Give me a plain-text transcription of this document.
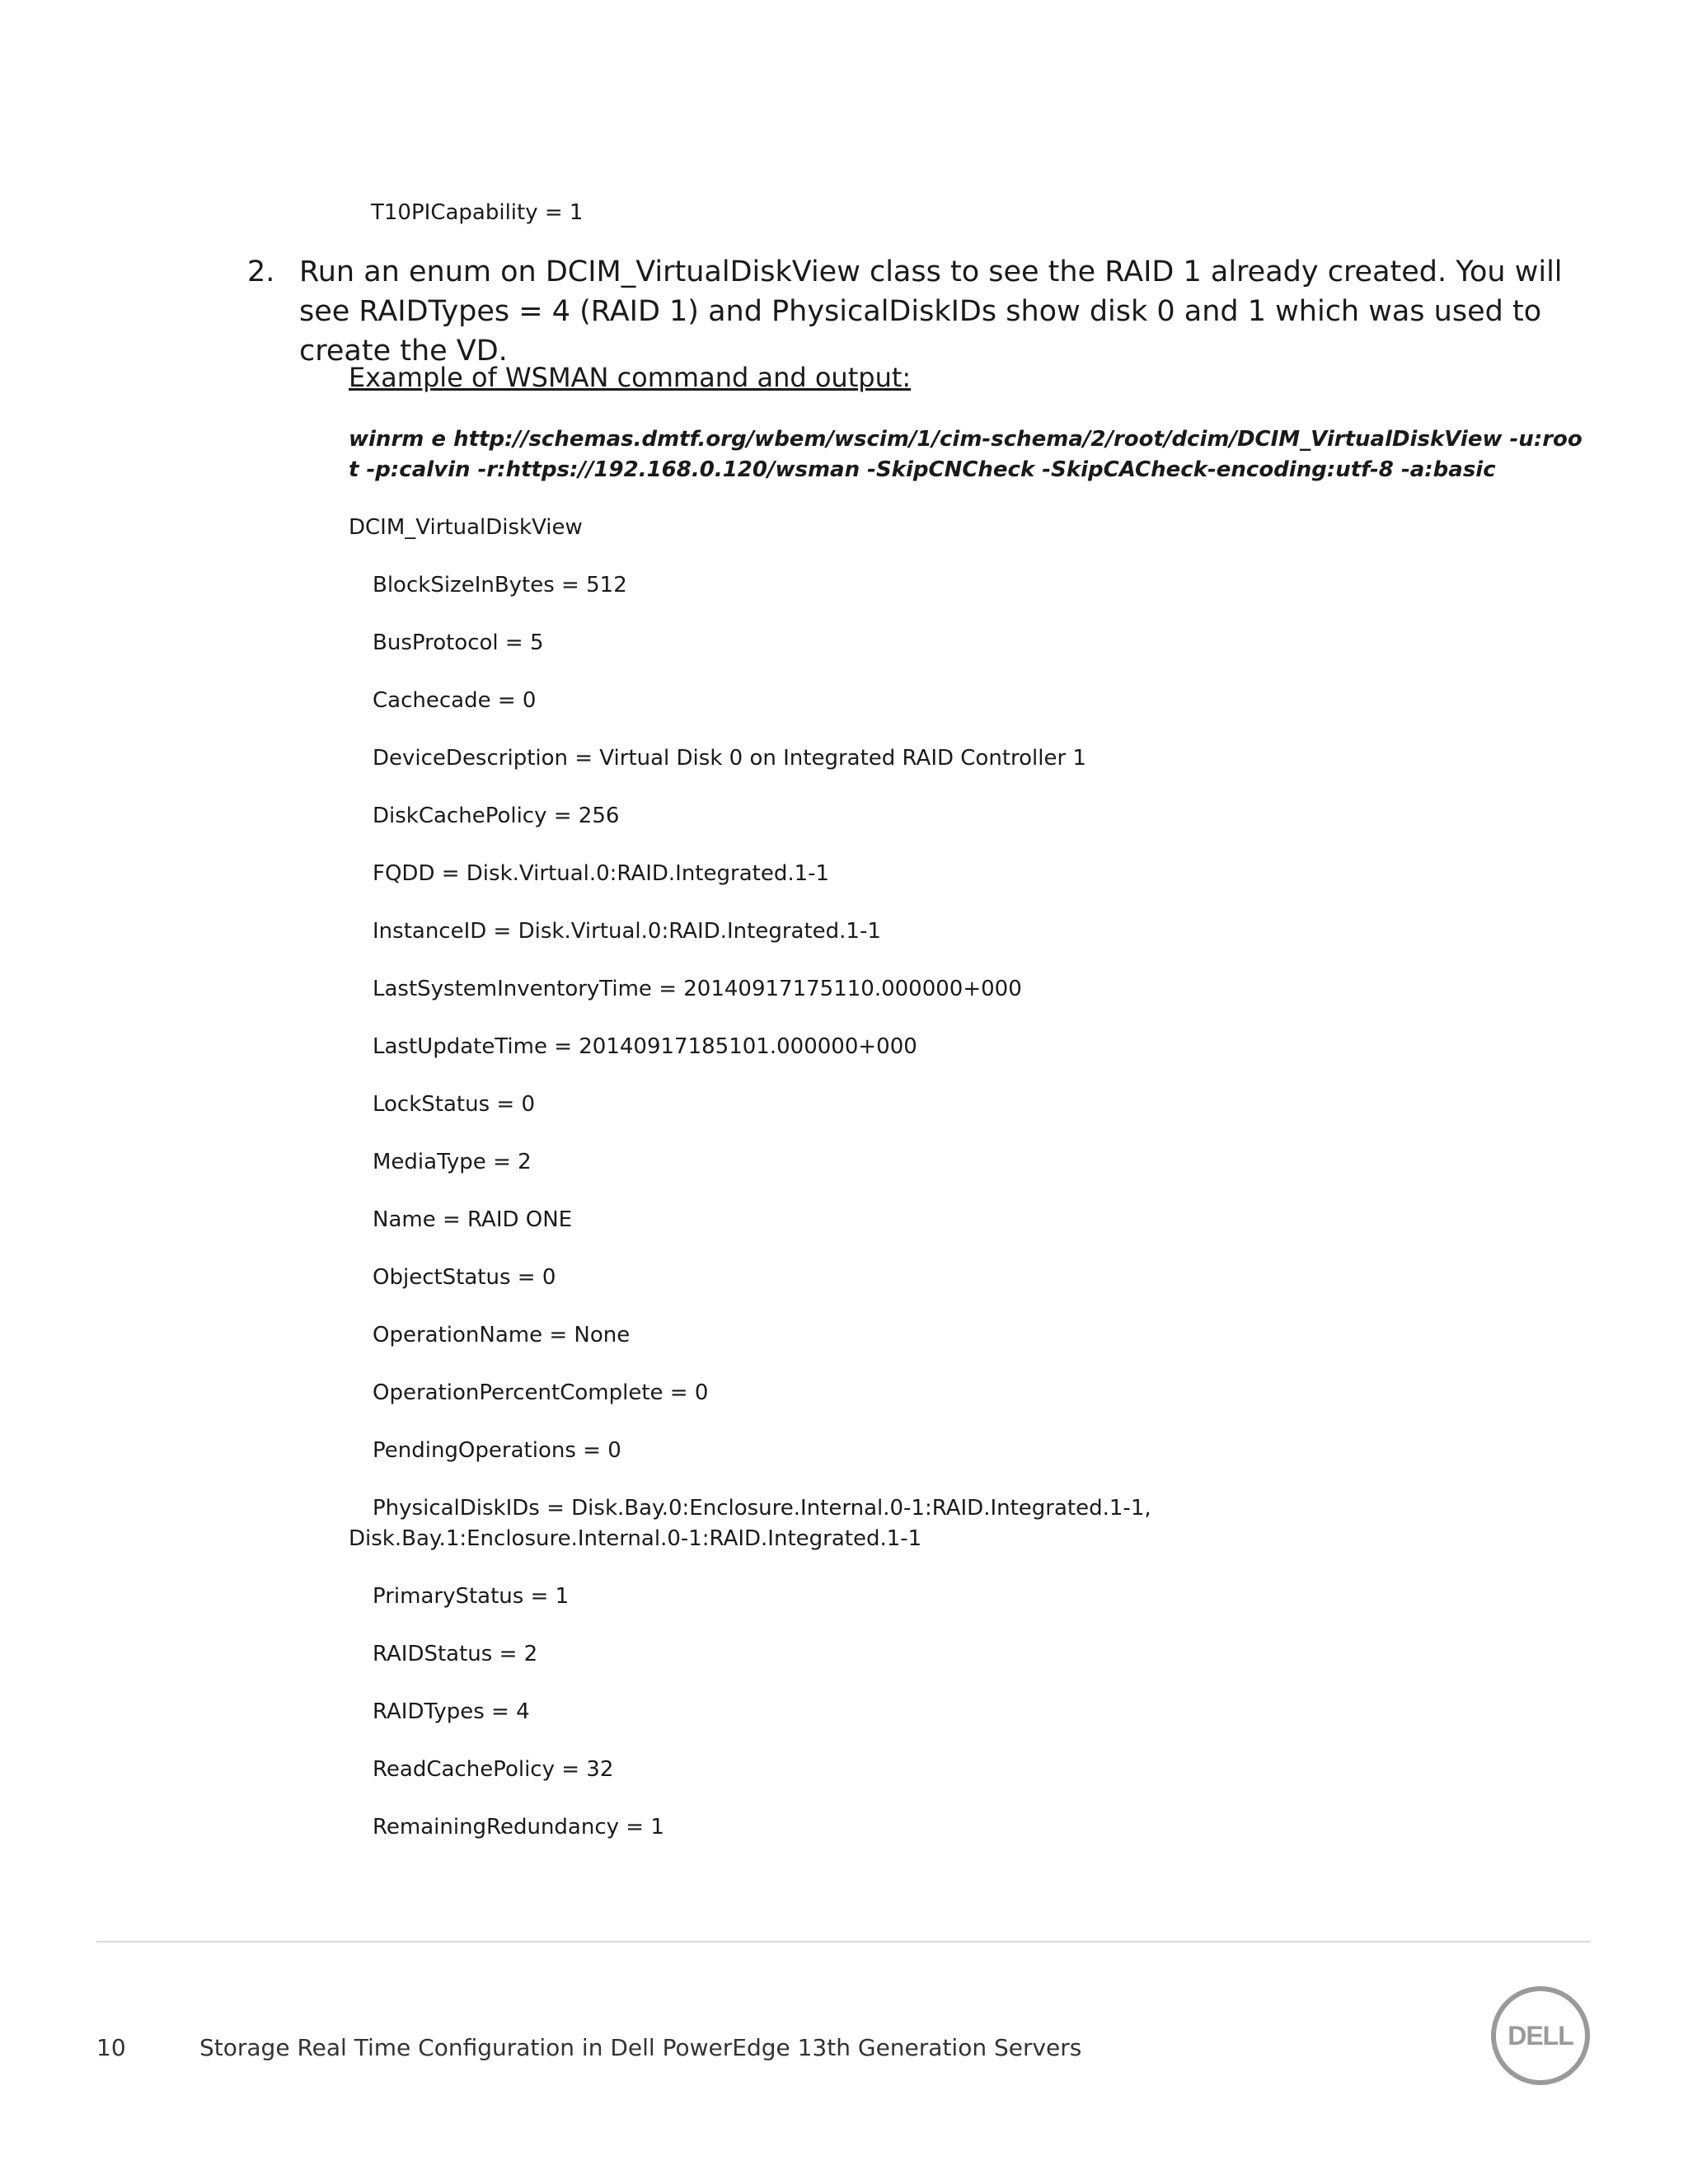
T10PICapability = 1
2. Run an enum on DCIM_VirtualDiskView class to see the RAID 1 already created. You will see RAIDTypes = 4 (RAID 1) and PhysicalDiskIDs show disk 0 and 1 which was used to create the VD.
Example of WSMAN command and output:
winrm e http://schemas.dmtf.org/wbem/wscim/1/cim-schema/2/root/dcim/DCIM_VirtualDiskView -u:root -p:calvin -r:https://192.168.0.120/wsman -SkipCNCheck -SkipCACheck-encoding:utf-8 -a:basic
DCIM_VirtualDiskView
BlockSizeInBytes = 512
BusProtocol = 5
Cachecade = 0
DeviceDescription = Virtual Disk 0 on Integrated RAID Controller 1
DiskCachePolicy = 256
FQDD = Disk.Virtual.0:RAID.Integrated.1-1
InstanceID = Disk.Virtual.0:RAID.Integrated.1-1
LastSystemInventoryTime = 20140917175110.000000+000
LastUpdateTime = 20140917185101.000000+000
LockStatus = 0
MediaType = 2
Name = RAID ONE
ObjectStatus = 0
OperationName = None
OperationPercentComplete = 0
PendingOperations = 0
PhysicalDiskIDs = Disk.Bay.0:Enclosure.Internal.0-1:RAID.Integrated.1-1, Disk.Bay.1:Enclosure.Internal.0-1:RAID.Integrated.1-1
PrimaryStatus = 1
RAIDStatus = 2
RAIDTypes = 4
ReadCachePolicy = 32
RemainingRedundancy = 1
10	Storage Real Time Configuration in Dell PowerEdge 13th Generation Servers	DELL
